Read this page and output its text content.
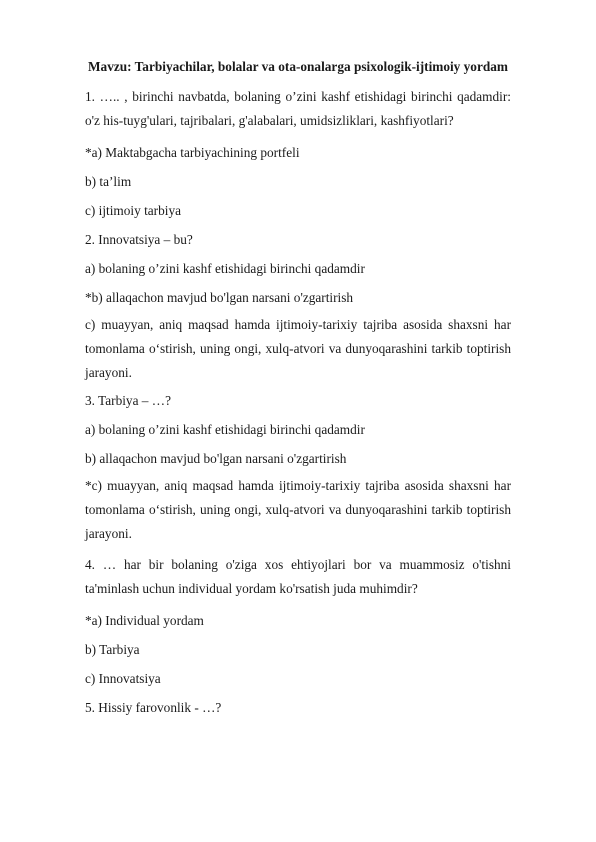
Mavzu: Tarbiyachilar, bolalar va ota-onalarga psixologik-ijtimoiy yordam

1. ….. , birinchi navbatda, bolaning o’zini kashf etishidagi birinchi qadamdir: o'z his-tuyg'ulari, tajribalari, g'alabalari, umidsizliklari, kashfiyotlari?

*a) Maktabgacha tarbiyachining portfeli

b) ta’lim

c) ijtimoiy tarbiya

2. Innovatsiya – bu?

a) bolaning o’zini kashf etishidagi birinchi qadamdir

*b) allaqachon mavjud bo'lgan narsani o'zgartirish

c) muayyan, aniq maqsad hamda ijtimoiy-tarixiy tajriba asosida shaxsni har tomonlama o‘stirish, uning ongi, xulq-atvori va dunyoqarashini tarkib toptirish jarayoni.

3. Tarbiya – …?

a) bolaning o’zini kashf etishidagi birinchi qadamdir

b) allaqachon mavjud bo'lgan narsani o'zgartirish

*c) muayyan, aniq maqsad hamda ijtimoiy-tarixiy tajriba asosida shaxsni har tomonlama o‘stirish, uning ongi, xulq-atvori va dunyoqarashini tarkib toptirish jarayoni.

4. … har bir bolaning o'ziga xos ehtiyojlari bor va muammosiz o'tishni ta'minlash uchun individual yordam ko'rsatish juda muhimdir?

*a) Individual yordam

b) Tarbiya

c) Innovatsiya

5. Hissiy farovonlik - …?
